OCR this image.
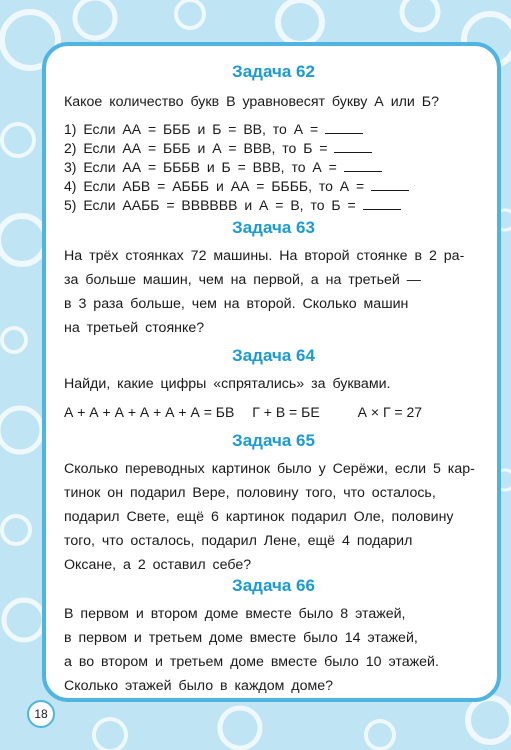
Задача 62

Какое количество букв В уравновесят букву А или Б?

1) Если АА = БББ и Б = ВВ, то А =
2) Если АА = БББ и А = ВВВ, то Б =
3) Если АА = БББВ и Б = ВВВ, то А =
4) Если АБВ = АБББ и АА = ББББ, то А =
5) Если ААББ = ВВВВВВ и А = В, то Б =
Задача 63

На трёх стоянках 72 машины. На второй стоянке в 2 ра-
за больше машин, чем на первой, а на третьей —
в 3 раза больше, чем на второй. Сколько машин
на третьей стоянке?

Задача 64

Найди, какие цифры «спрятались» за буквами.

А + А + А + А + А + А = БВ Г + В = БЕ	А × Г = 27
Задача 65

Сколько переводных картинок было у Серёжи, если 5 кар-
тинок он подарил Вере, половину того, что осталось,
подарил Свете, ещё 6 картинок подарил Оле, половину
того, что осталось, подарил Лене, ещё 4 подарил
Оксане, а 2 оставил себе?

Задача 66

В первом и втором доме вместе было 8 этажей,
в первом и третьем доме вместе было 14 этажей,
а во втором и третьем доме вместе было 10 этажей.
Сколько этажей было в каждом доме?

18
